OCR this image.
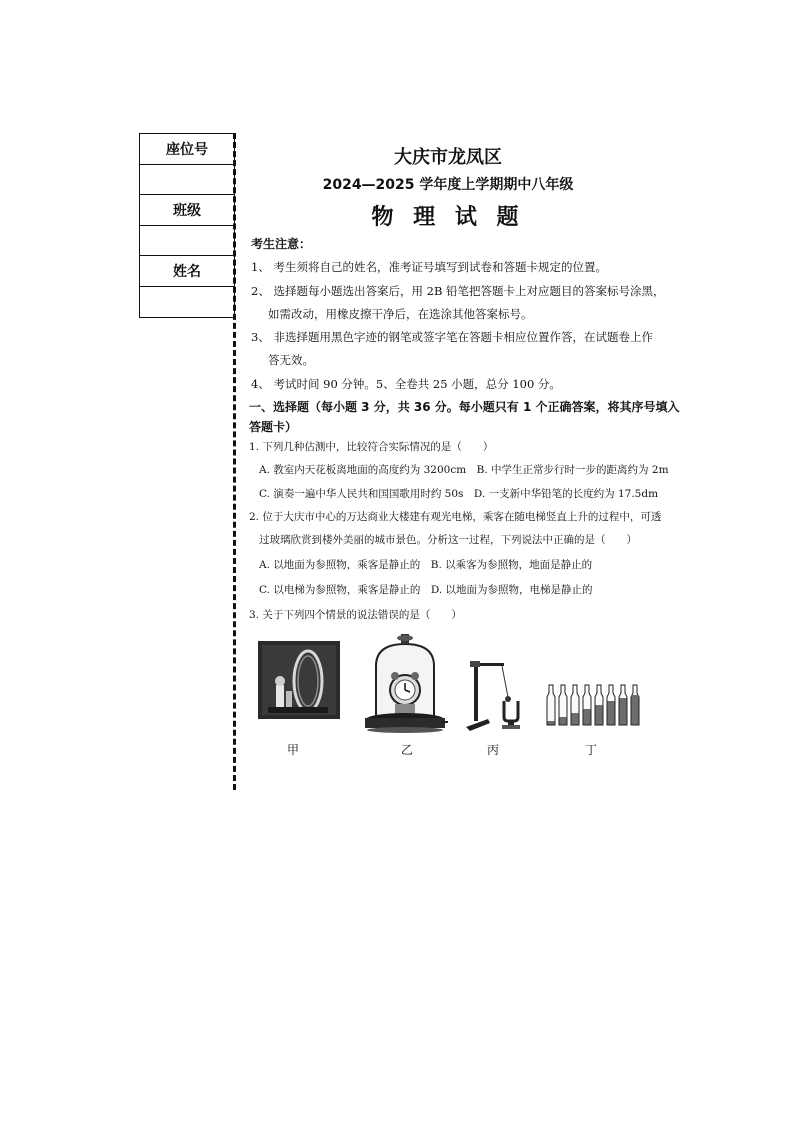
座位号
班级
姓名
大庆市龙凤区
2024—2025 学年度上学期期中八年级
物 理 试 题
考生注意：
1、 考生须将自己的姓名，准考证号填写到试卷和答题卡规定的位置。
2、 选择题每小题选出答案后，用 2B 铅笔把答题卡上对应题目的答案标号涂黑，
如需改动，用橡皮擦干净后，在选涂其他答案标号。
3、 非选择题用黑色字迹的钢笔或签字笔在答题卡相应位置作答，在试题卷上作
答无效。
4、 考试时间 90 分钟。5、全卷共 25 小题，总分 100 分。
一、选择题（每小题 3 分，共 36 分。每小题只有 1 个正确答案，将其序号填入
答题卡）
1. 下列几种估测中，比较符合实际情况的是（　　）
A. 教室内天花板离地面的高度约为 3200cm　B. 中学生正常步行时一步的距离约为 2m
C. 演奏一遍中华人民共和国国歌用时约 50s　D. 一支新中华铅笔的长度约为 17.5dm
2. 位于大庆市中心的万达商业大楼建有观光电梯，乘客在随电梯竖直上升的过程中，可透
过玻璃欣赏到楼外美丽的城市景色。分析这一过程，下列说法中正确的是（　　）
A. 以地面为参照物，乘客是静止的　B. 以乘客为参照物，地面是静止的
C. 以电梯为参照物，乘客是静止的　D. 以地面为参照物，电梯是静止的
3. 关于下列四个情景的说法错误的是（　　）
甲	乙	丙	丁
